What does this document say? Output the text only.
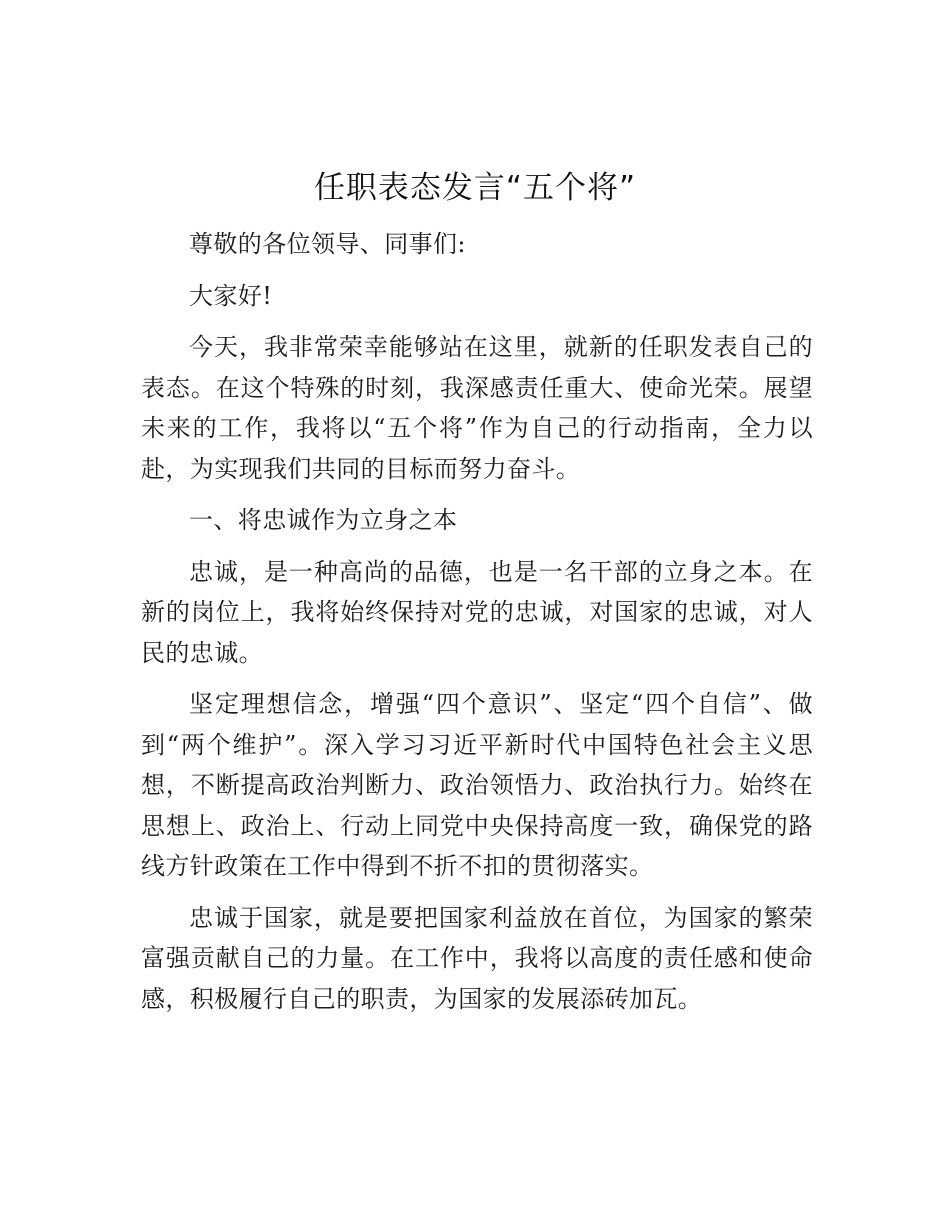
任职表态发言“五个将”

尊敬的各位领导、同事们:

大家好!

今天，我非常荣幸能够站在这里，就新的任职发表自己的表态。在这个特殊的时刻，我深感责任重大、使命光荣。展望未来的工作，我将以“五个将”作为自己的行动指南，全力以赴，为实现我们共同的目标而努力奋斗。

一、将忠诚作为立身之本

忠诚，是一种高尚的品德，也是一名干部的立身之本。在新的岗位上，我将始终保持对党的忠诚，对国家的忠诚，对人民的忠诚。

坚定理想信念，增强“四个意识”、坚定“四个自信”、做到“两个维护”。深入学习习近平新时代中国特色社会主义思想，不断提高政治判断力、政治领悟力、政治执行力。始终在思想上、政治上、行动上同党中央保持高度一致，确保党的路线方针政策在工作中得到不折不扣的贯彻落实。

忠诚于国家，就是要把国家利益放在首位，为国家的繁荣富强贡献自己的力量。在工作中，我将以高度的责任感和使命感，积极履行自己的职责，为国家的发展添砖加瓦。
